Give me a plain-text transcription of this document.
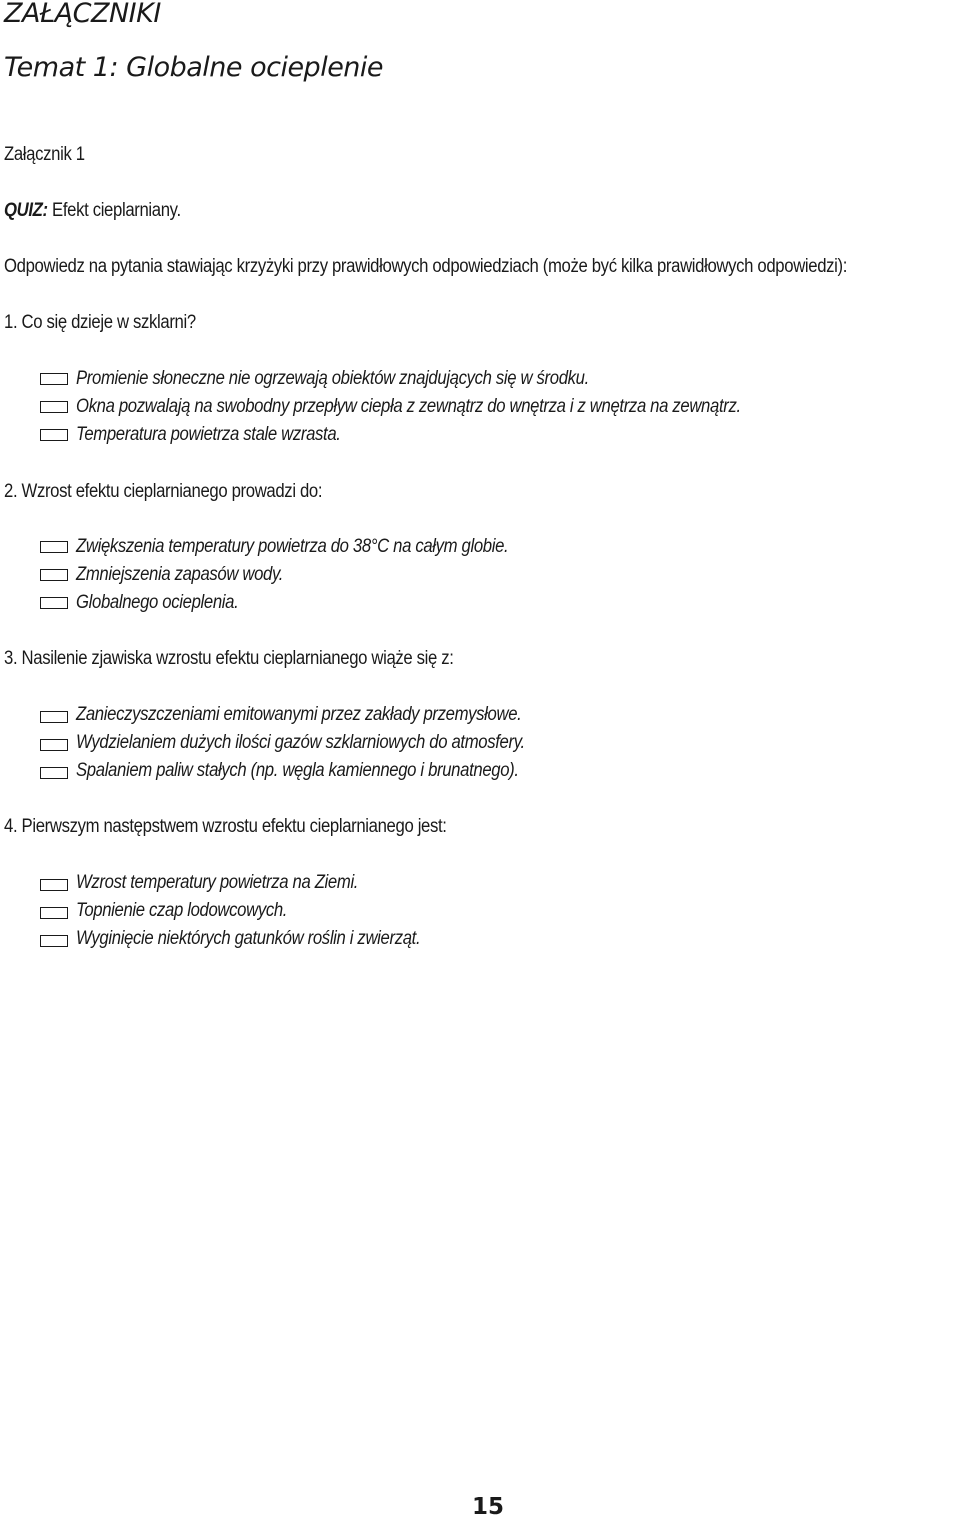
ZAŁĄCZNIKI
Temat 1: Globalne ocieplenie
Załącznik 1
QUIZ: Efekt cieplarniany.
Odpowiedz na pytania stawiając krzyżyki przy prawidłowych odpowiedziach (może być kilka prawidłowych odpowiedzi):
1. Co się dzieje w szklarni?
Promienie słoneczne nie ogrzewają obiektów znajdujących się w środku.
Okna pozwalają na swobodny przepływ ciepła z zewnątrz do wnętrza i z wnętrza na zewnątrz.
Temperatura powietrza stale wzrasta.
2. Wzrost efektu cieplarnianego prowadzi do:
Zwiększenia temperatury powietrza do 38°C na całym globie.
Zmniejszenia zapasów wody.
Globalnego ocieplenia.
3. Nasilenie zjawiska wzrostu efektu cieplarnianego wiąże się z:
Zanieczyszczeniami emitowanymi przez zakłady przemysłowe.
Wydzielaniem dużych ilości gazów szklarniowych do atmosfery.
Spalaniem paliw stałych (np. węgla kamiennego i brunatnego).
4. Pierwszym następstwem wzrostu efektu cieplarnianego jest:
Wzrost temperatury powietrza na Ziemi.
Topnienie czap lodowcowych.
Wyginięcie niektórych gatunków roślin i zwierząt.
15
